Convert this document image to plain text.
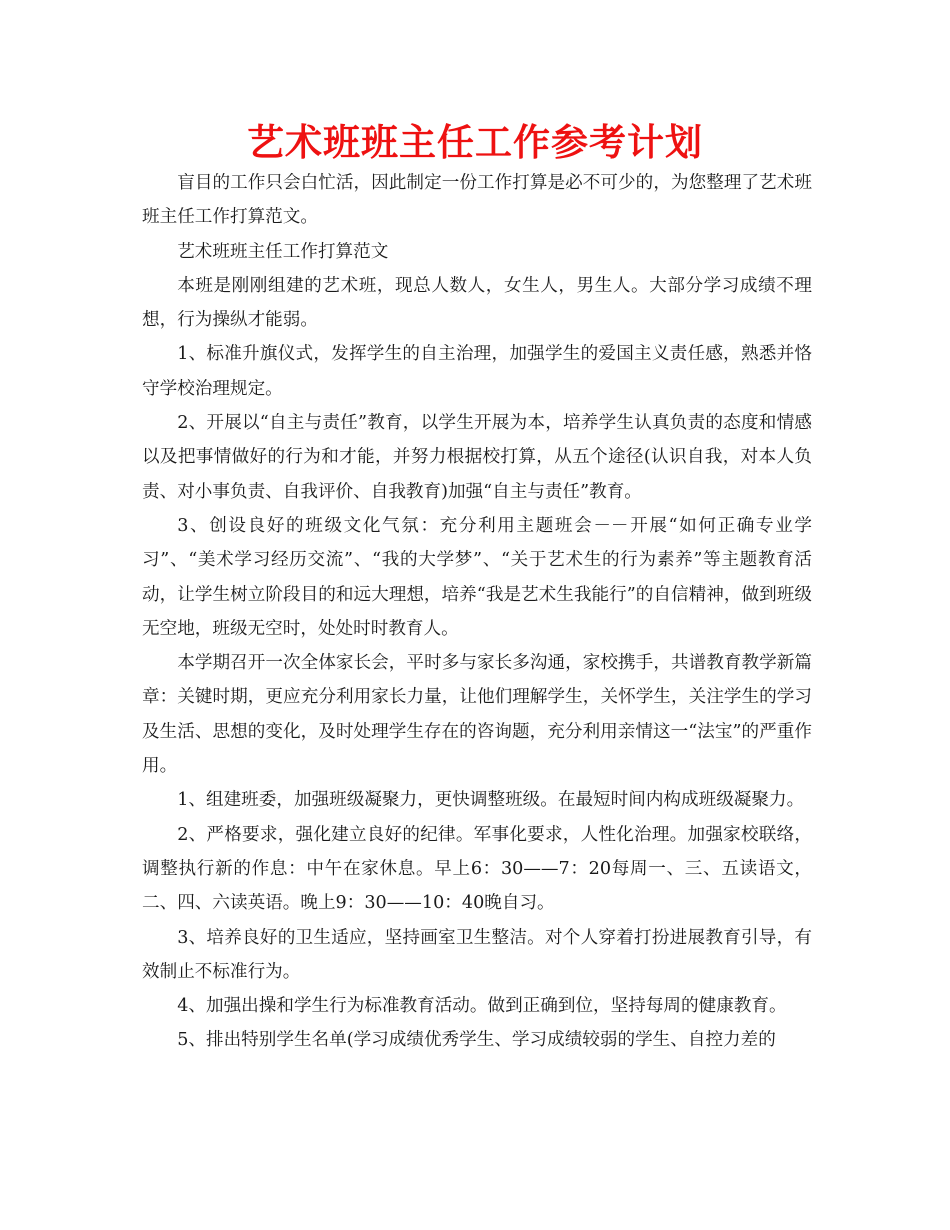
艺术班班主任工作参考计划

盲目的工作只会白忙活，因此制定一份工作打算是必不可少的，为您整理了艺术班班主任工作打算范文。

艺术班班主任工作打算范文

本班是刚刚组建的艺术班，现总人数人，女生人，男生人。大部分学习成绩不理想，行为操纵才能弱。

1、标准升旗仪式，发挥学生的自主治理，加强学生的爱国主义责任感，熟悉并恪守学校治理规定。

2、开展以“自主与责任”教育，以学生开展为本，培养学生认真负责的态度和情感以及把事情做好的行为和才能，并努力根据校打算，从五个途径(认识自我，对本人负责、对小事负责、自我评价、自我教育)加强“自主与责任”教育。

3、创设良好的班级文化气氛：充分利用主题班会－－开展“如何正确专业学习”、“美术学习经历交流”、“我的大学梦”、“关于艺术生的行为素养”等主题教育活动，让学生树立阶段目的和远大理想，培养“我是艺术生我能行”的自信精神，做到班级无空地，班级无空时，处处时时教育人。

本学期召开一次全体家长会，平时多与家长多沟通，家校携手，共谱教育教学新篇章：关键时期，更应充分利用家长力量，让他们理解学生，关怀学生，关注学生的学习及生活、思想的变化，及时处理学生存在的咨询题，充分利用亲情这一“法宝”的严重作用。

1、组建班委，加强班级凝聚力，更快调整班级。在最短时间内构成班级凝聚力。

2、严格要求，强化建立良好的纪律。军事化要求，人性化治理。加强家校联络，调整执行新的作息：中午在家休息。早上6：30——7：20每周一、三、五读语文，二、四、六读英语。晚上9：30——10：40晚自习。

3、培养良好的卫生适应，坚持画室卫生整洁。对个人穿着打扮进展教育引导，有效制止不标准行为。

4、加强出操和学生行为标准教育活动。做到正确到位，坚持每周的健康教育。

5、排出特别学生名单(学习成绩优秀学生、学习成绩较弱的学生、自控力差的
